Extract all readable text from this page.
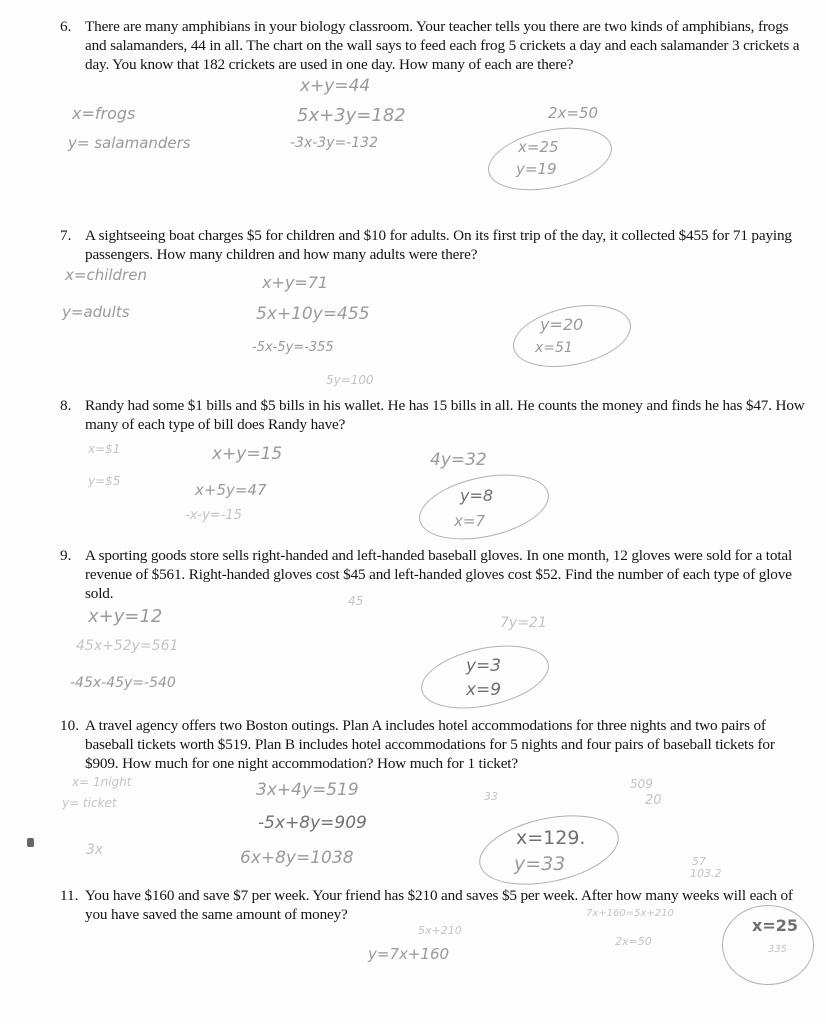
6. There are many amphibians in your biology classroom. Your teacher tells you there are two kinds of amphibians, frogs and salamanders, 44 in all. The chart on the wall says to feed each frog 5 crickets a day and each salamander 3 crickets a day. You know that 182 crickets are used in one day. How many of each are there?
x+y=44
x=frogs
y= salamanders
5x+3y=182
-3x-3y=-132
2x=50
x=25
y=19
7. A sightseeing boat charges $5 for children and $10 for adults. On its first trip of the day, it collected $455 for 71 paying passengers. How many children and how many adults were there?
x=children
y=adults
x+y=71
5x+10y=455
-5x-5y=-355
5y=100
y=20
x=51
8. Randy had some $1 bills and $5 bills in his wallet. He has 15 bills in all. He counts the money and finds he has $47. How many of each type of bill does Randy have?
x=$1
y=$5
x+y=15
x+5y=47
-x-y=-15
4y=32
y=8
x=7
9. A sporting goods store sells right-handed and left-handed baseball gloves. In one month, 12 gloves were sold for a total revenue of $561. Right-handed gloves cost $45 and left-handed gloves cost $52. Find the number of each type of glove sold.
x+y=12
45x+52y=561
-45x-45y=-540
45
7y=21
y=3
x=9
10. A travel agency offers two Boston outings. Plan A includes hotel accommodations for three nights and two pairs of baseball tickets worth $519. Plan B includes hotel accommodations for 5 nights and four pairs of baseball tickets for $909. How much for one night accommodation? How much for 1 ticket?
x= 1night
y= ticket
3x
3x+4y=519
-5x+8y=909
6x+8y=1038
33
509
20
x=129.
y=33	57
103.2
11. You have $160 and save $7 per week. Your friend has $210 and saves $5 per week. After how many weeks will each of you have saved the same amount of money?
y=7x+160
5x+210
7x+160=5x+210
2x=50
x=25
335
